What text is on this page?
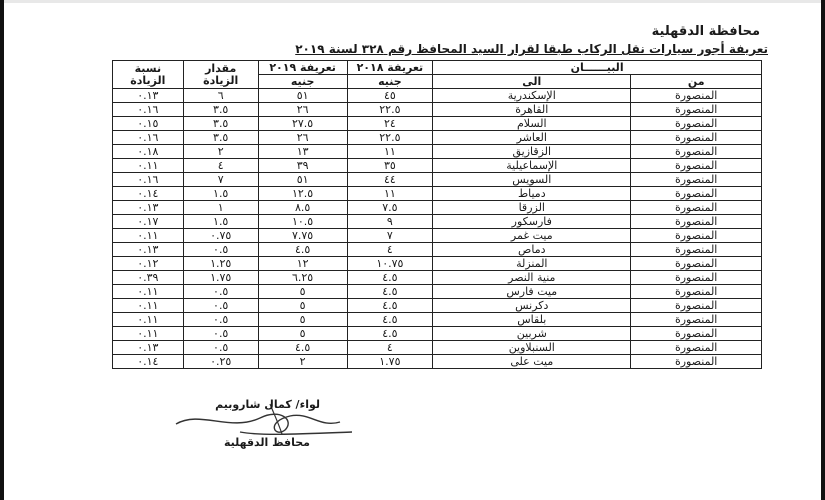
محافظة الدقهلية
تعريفة أجور سيارات نقل الركاب طبقا لقرار السيد المحافظ رقم ٣٢٨ لسنة ٢٠١٩
البيــــــان		تعريفة ٢٠١٨	تعريفة ٢٠١٩	مقدار الزيادة	نسبة الزيادة
من	الى	جنيه	جنيه		
المنصورة	الإسكندرية	٤٥	٥١	٦	٠.١٣
المنصورة	القاهرة	٢٢.٥	٢٦	٣.٥	٠.١٦
المنصورة	السلام	٢٤	٢٧.٥	٣.٥	٠.١٥
المنصورة	العاشر	٢٢.٥	٢٦	٣.٥	٠.١٦
المنصورة	الزقازيق	١١	١٣	٢	٠.١٨
المنصورة	الإسماعيلية	٣٥	٣٩	٤	٠.١١
المنصورة	السويس	٤٤	٥١	٧	٠.١٦
المنصورة	دمياط	١١	١٢.٥	١.٥	٠.١٤
المنصورة	الزرقا	٧.٥	٨.٥	١	٠.١٣
المنصورة	فارسكور	٩	١٠.٥	١.٥	٠.١٧
المنصورة	ميت غمر	٧	٧.٧٥	٠.٧٥	٠.١١
المنصورة	دماص	٤	٤.٥	٠.٥	٠.١٣
المنصورة	المنزلة	١٠.٧٥	١٢	١.٢٥	٠.١٢
المنصورة	منية النصر	٤.٥	٦.٢٥	١.٧٥	٠.٣٩
المنصورة	ميت فارس	٤.٥	٥	٠.٥	٠.١١
المنصورة	دكرنس	٤.٥	٥	٠.٥	٠.١١
المنصورة	بلقاس	٤.٥	٥	٠.٥	٠.١١
المنصورة	شربين	٤.٥	٥	٠.٥	٠.١١
المنصورة	السنبلاوين	٤	٤.٥	٠.٥	٠.١٣
المنصورة	ميت على	١.٧٥	٢	٠.٢٥	٠.١٤
لواء/ كمال شاروبيم
محافظ الدقهلية
